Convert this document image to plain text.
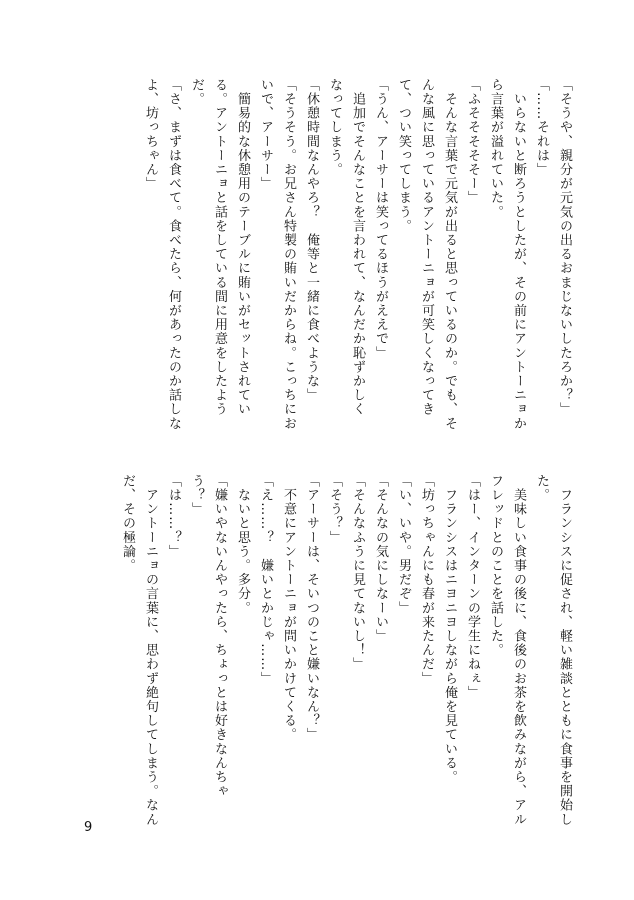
「そうや、親分が元気の出るおまじないしたろか？」
「……それは」
　いらないと断ろうとしたが、その前にアントーニョか
ら言葉が溢れていた。
「ふそそそそそー」
　そんな言葉で元気が出ると思っているのか。でも、そ
んな風に思っているアントーニョが可笑しくなってき
て、つい笑ってしまう。
「うん、アーサーは笑ってるほうがええで」
　追加でそんなことを言われて、なんだか恥ずかしく
なってしまう。
「休憩時間なんやろ？　俺等と一緒に食べような」
「そうそう。お兄さん特製の賄いだからね。こっちにお
いで、アーサー」
　簡易的な休憩用のテーブルに賄いがセットされてい
る。アントーニョと話をしている間に用意をしたよう
だ。
「さ、まずは食べて。食べたら、何があったのか話しな
よ、坊っちゃん」
　フランシスに促され、軽い雑談とともに食事を開始し
た。
　美味しい食事の後に、食後のお茶を飲みながら、アル
フレッドとのことを話した。
「はー、インターンの学生にねぇ」
　フランシスはニヨニヨしながら俺を見ている。
「坊っちゃんにも春が来たんだ」
「い、いや。男だぞ」
「そんなの気にしなーい」
「そんなふうに見てないし！」
「そう？」
「アーサーは、そいつのこと嫌いなん？」
　不意にアントーニョが問いかけてくる。
「え……？　嫌いとかじゃ……」
　ないと思う。多分。
「嫌いやないんやったら、ちょっとは好きなんちゃ
う？」
「は……？」
　アントーニョの言葉に、思わず絶句してしまう。なん
だ、その極論。
9
